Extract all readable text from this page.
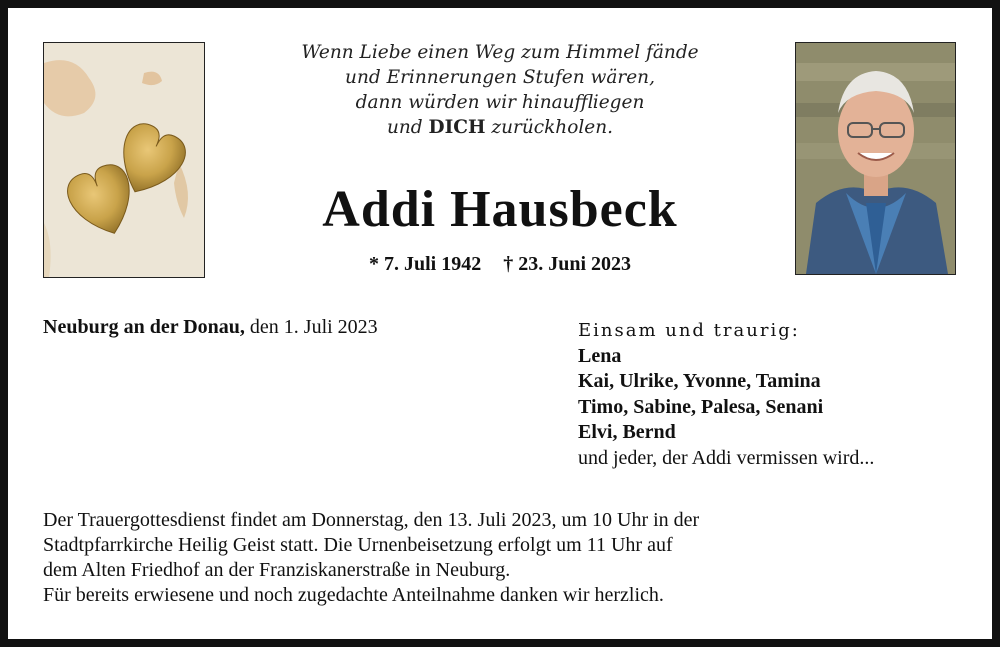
Wenn Liebe einen Weg zum Himmel fände
und Erinnerungen Stufen wären,
dann würden wir hinauffliegen
und DICH zurückholen.
Addi Hausbeck
* 7. Juli 1942 † 23. Juni 2023
Neuburg an der Donau, den 1. Juli 2023	Einsam und traurig:
Lena
Kai, Ulrike, Yvonne, Tamina
Timo, Sabine, Palesa, Senani
Elvi, Bernd
und jeder, der Addi vermissen wird...
Der Trauergottesdienst findet am Donnerstag, den 13. Juli 2023, um 10 Uhr in der
Stadtpfarrkirche Heilig Geist statt. Die Urnenbeisetzung erfolgt um 11 Uhr auf
dem Alten Friedhof an der Franziskanerstraße in Neuburg.
Für bereits erwiesene und noch zugedachte Anteilnahme danken wir herzlich.
